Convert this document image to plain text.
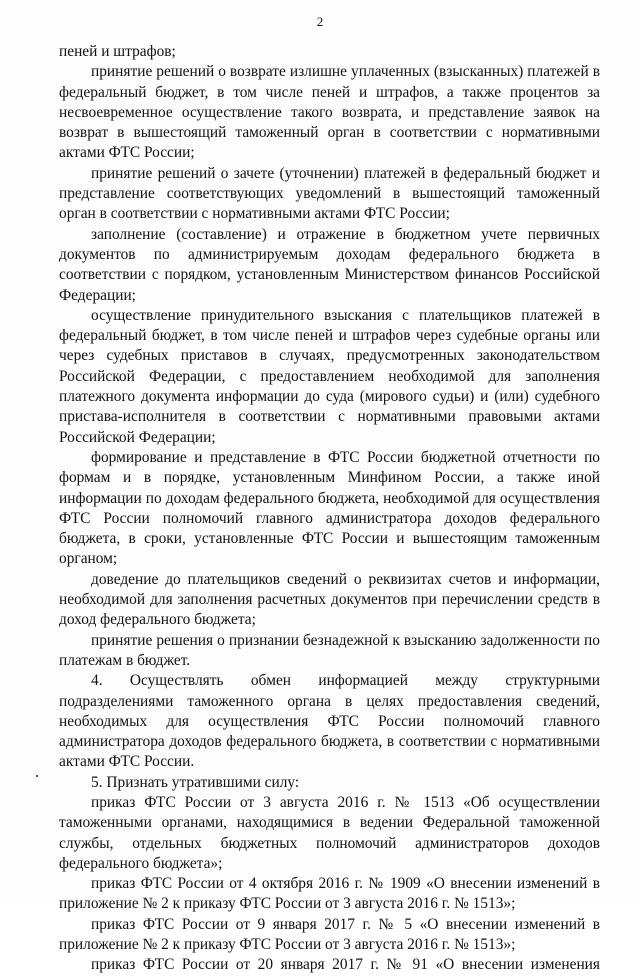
2

пеней и штрафов;

принятие решений о возврате излишне уплаченных (взысканных) платежей в федеральный бюджет, в том числе пеней и штрафов, а также процентов за несвоевременное осуществление такого возврата, и представление заявок на возврат в вышестоящий таможенный орган в соответствии с нормативными актами ФТС России;

принятие решений о зачете (уточнении) платежей в федеральный бюджет и представление соответствующих уведомлений в вышестоящий таможенный орган в соответствии с нормативными актами ФТС России;

заполнение (составление) и отражение в бюджетном учете первичных документов по администрируемым доходам федерального бюджета в соответствии с порядком, установленным Министерством финансов Российской Федерации;

осуществление принудительного взыскания с плательщиков платежей в федеральный бюджет, в том числе пеней и штрафов через судебные органы или через судебных приставов в случаях, предусмотренных законодательством Российской Федерации, с предоставлением необходимой для заполнения платежного документа информации до суда (мирового судьи) и (или) судебного пристава-исполнителя в соответствии с нормативными правовыми актами Российской Федерации;

формирование и представление в ФТС России бюджетной отчетности по формам и в порядке, установленным Минфином России, а также иной информации по доходам федерального бюджета, необходимой для осуществления ФТС России полномочий главного администратора доходов федерального бюджета, в сроки, установленные ФТС России и вышестоящим таможенным органом;

доведение до плательщиков сведений о реквизитах счетов и информации, необходимой для заполнения расчетных документов при перечислении средств в доход федерального бюджета;

принятие решения о признании безнадежной к взысканию задолженности по платежам в бюджет.

4. Осуществлять обмен информацией между структурными подразделениями таможенного органа в целях предоставления сведений, необходимых для осуществления ФТС России полномочий главного администратора доходов федерального бюджета, в соответствии с нормативными актами ФТС России.

5. Признать утратившими силу:

приказ ФТС России от 3 августа 2016 г. № 1513 «Об осуществлении таможенными органами, находящимися в ведении Федеральной таможенной службы, отдельных бюджетных полномочий администраторов доходов федерального бюджета»;

приказ ФТС России от 4 октября 2016 г. № 1909 «О внесении изменений в приложение № 2 к приказу ФТС России от 3 августа 2016 г. № 1513»;

приказ ФТС России от 9 января 2017 г. № 5 «О внесении изменений в приложение № 2 к приказу ФТС России от 3 августа 2016 г. № 1513»;

приказ ФТС России от 20 января 2017 г. № 91 «О внесении изменения
